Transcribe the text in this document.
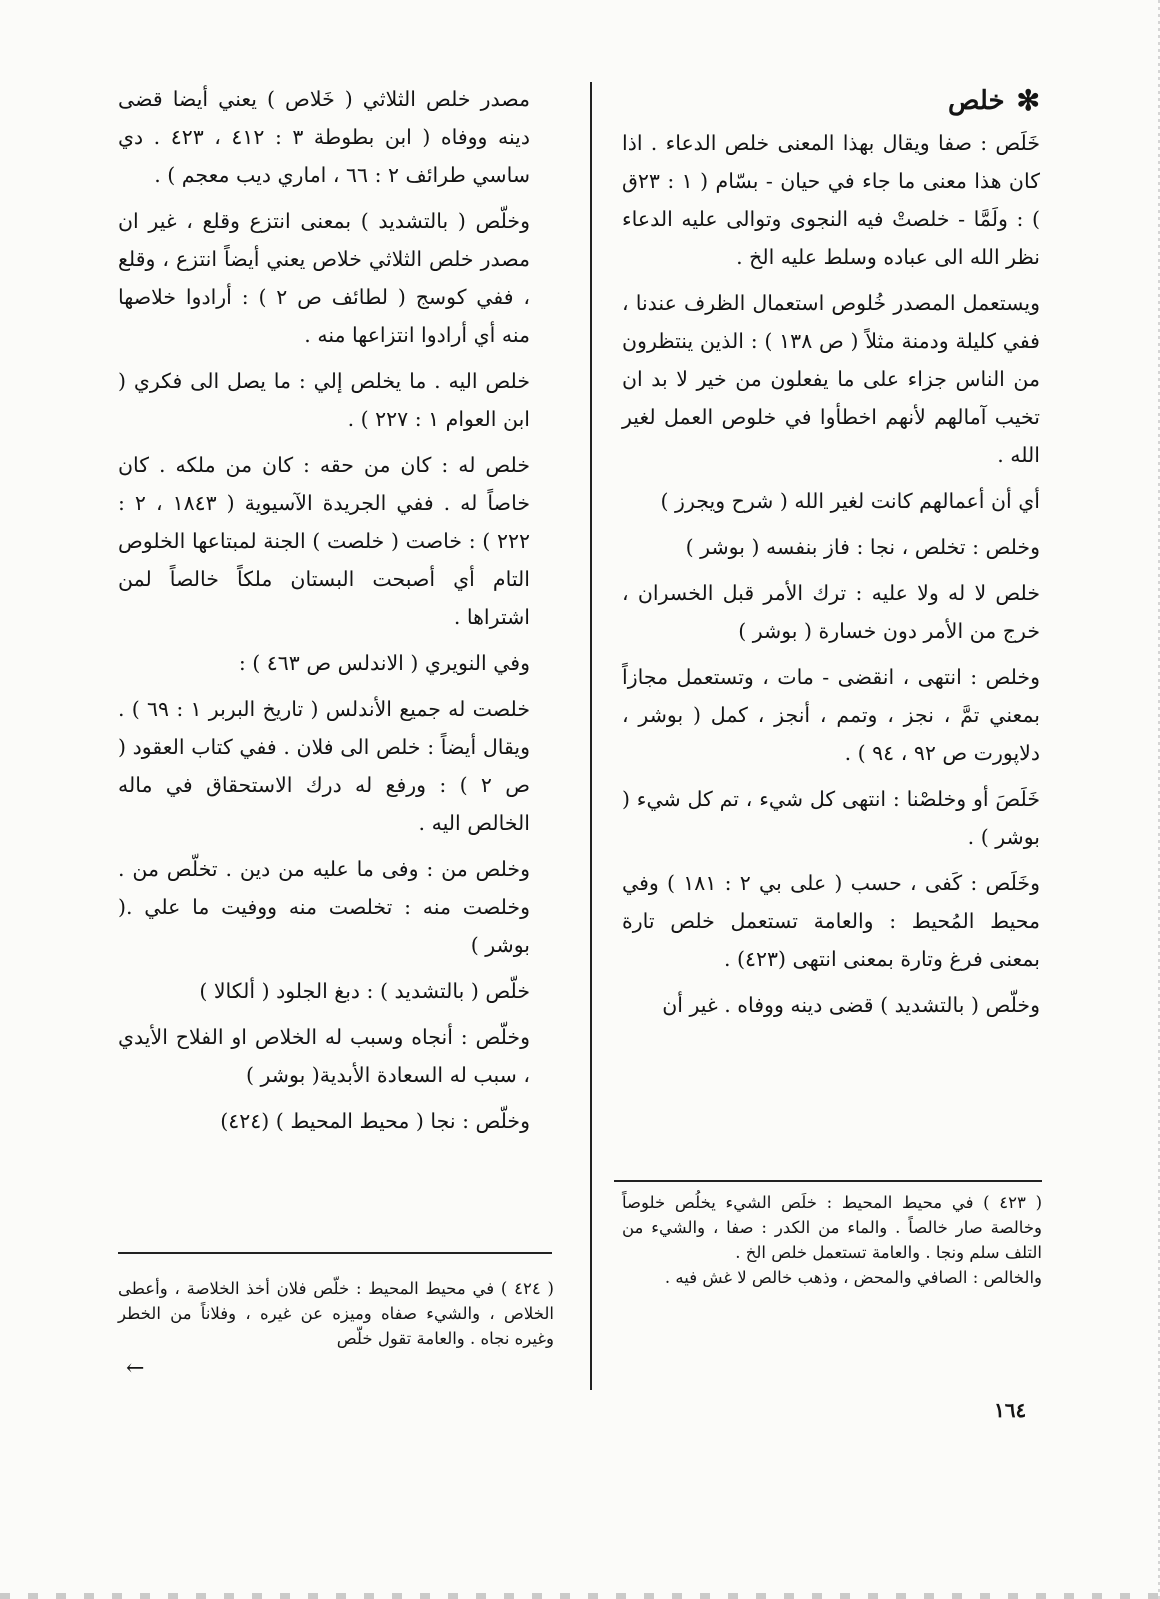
✻
خلص

خَلَص : صفا ويقال بهذا المعنى خلص الدعاء . اذا كان هذا معنى ما جاء في حيان - بسّام ( ١ : ٢٣ق ) : ولَمَّا - خلصتْ فيه النجوى وتوالى عليه الدعاء نظر الله الى عباده وسلط عليه الخ .

ويستعمل المصدر خُلوص استعمال الظرف عندنا ، ففي كليلة ودمنة مثلاً ( ص ١٣٨ ) : الذين ينتظرون من الناس جزاء على ما يفعلون من خير لا بد ان تخيب آمالهم لأنهم اخطأوا في خلوص العمل لغير الله .

أي أن أعمالهم كانت لغير الله ( شرح ويجرز )

وخلص : تخلص ، نجا : فاز بنفسه ( بوشر )

خلص لا له ولا عليه : ترك الأمر قبل الخسران ، خرج من الأمر دون خسارة ( بوشر )

وخلص : انتهى ، انقضى - مات ، وتستعمل مجازاً بمعني تمَّ ، نجز ، وتمم ، أنجز ، كمل ( بوشر ، دلاپورت ص ٩٢ ، ٩٤ ) .

خَلَصَ أو وخلصْنا : انتهى كل شيء ، تم كل شيء ( بوشر ) .

وخَلَص : كَفى ، حسب ( على بي ٢ : ١٨١ ) وفي محيط المُحيط : والعامة تستعمل خلص تارة بمعنى فرغ وتارة بمعنى انتهى (٤٢٣) .

وخلّص ( بالتشديد ) قضى دينه ووفاه . غير أن

مصدر خلص الثلاثي ( خَلاص ) يعني أيضا قضى دينه ووفاه ( ابن بطوطة ٣ : ٤١٢ ، ٤٢٣ . دي ساسي طرائف ٢ : ٦٦ ، اماري ديب معجم ) .

وخلّص ( بالتشديد ) بمعنى انتزع وقلع ، غير ان مصدر خلص الثلاثي خلاص يعني أيضاً انتزع ، وقلع ، ففي كوسج ( لطائف ص ٢ ) : أرادوا خلاصها منه أي أرادوا انتزاعها منه .

خلص اليه . ما يخلص إلي : ما يصل الى فكري ( ابن العوام ١ : ٢٢٧ ) .

خلص له : كان من حقه : كان من ملكه . كان خاصاً له . ففي الجريدة الآسيوية ( ١٨٤٣ ، ٢ : ٢٢٢ ) : خاصت ( خلصت ) الجنة لمبتاعها الخلوص التام أي أصبحت البستان ملكاً خالصاً لمن اشتراها .

وفي النويري ( الاندلس ص ٤٦٣ ) :

خلصت له جميع الأندلس ( تاريخ البربر ١ : ٦٩ ) . ويقال أيضاً : خلص الى فلان . ففي كتاب العقود ( ص ٢ ) : ورفع له درك الاستحقاق في ماله الخالص اليه .

وخلص من : وفى ما عليه من دين . تخلّص من . وخلصت منه : تخلصت منه ووفيت ما علي .( بوشر )

خلّص ( بالتشديد ) : دبغ الجلود ( ألكالا )

وخلّص : أنجاه وسبب له الخلاص او الفلاح الأيدي ، سبب له السعادة الأبدية( بوشر )

وخلّص : نجا ( محيط المحيط ) (٤٢٤)

( ٤٢٣ ) في محيط المحيط : خلَص الشيء يخلُص خلوصاً وخالصة صار خالصاً . والماء من الكدر : صفا ، والشيء من التلف سلم ونجا . والعامة تستعمل خلص الخ .

والخالص : الصافي والمحض ، وذهب خالص لا غش فيه .

( ٤٢٤ ) في محيط المحيط : خلّص فلان أخذ الخلاصة ، وأعطى الخلاص ، والشيء صفاه وميزه عن غيره ، وفلاناً من الخطر وغيره نجاه . والعامة تقول خلّص

←
١٦٤
